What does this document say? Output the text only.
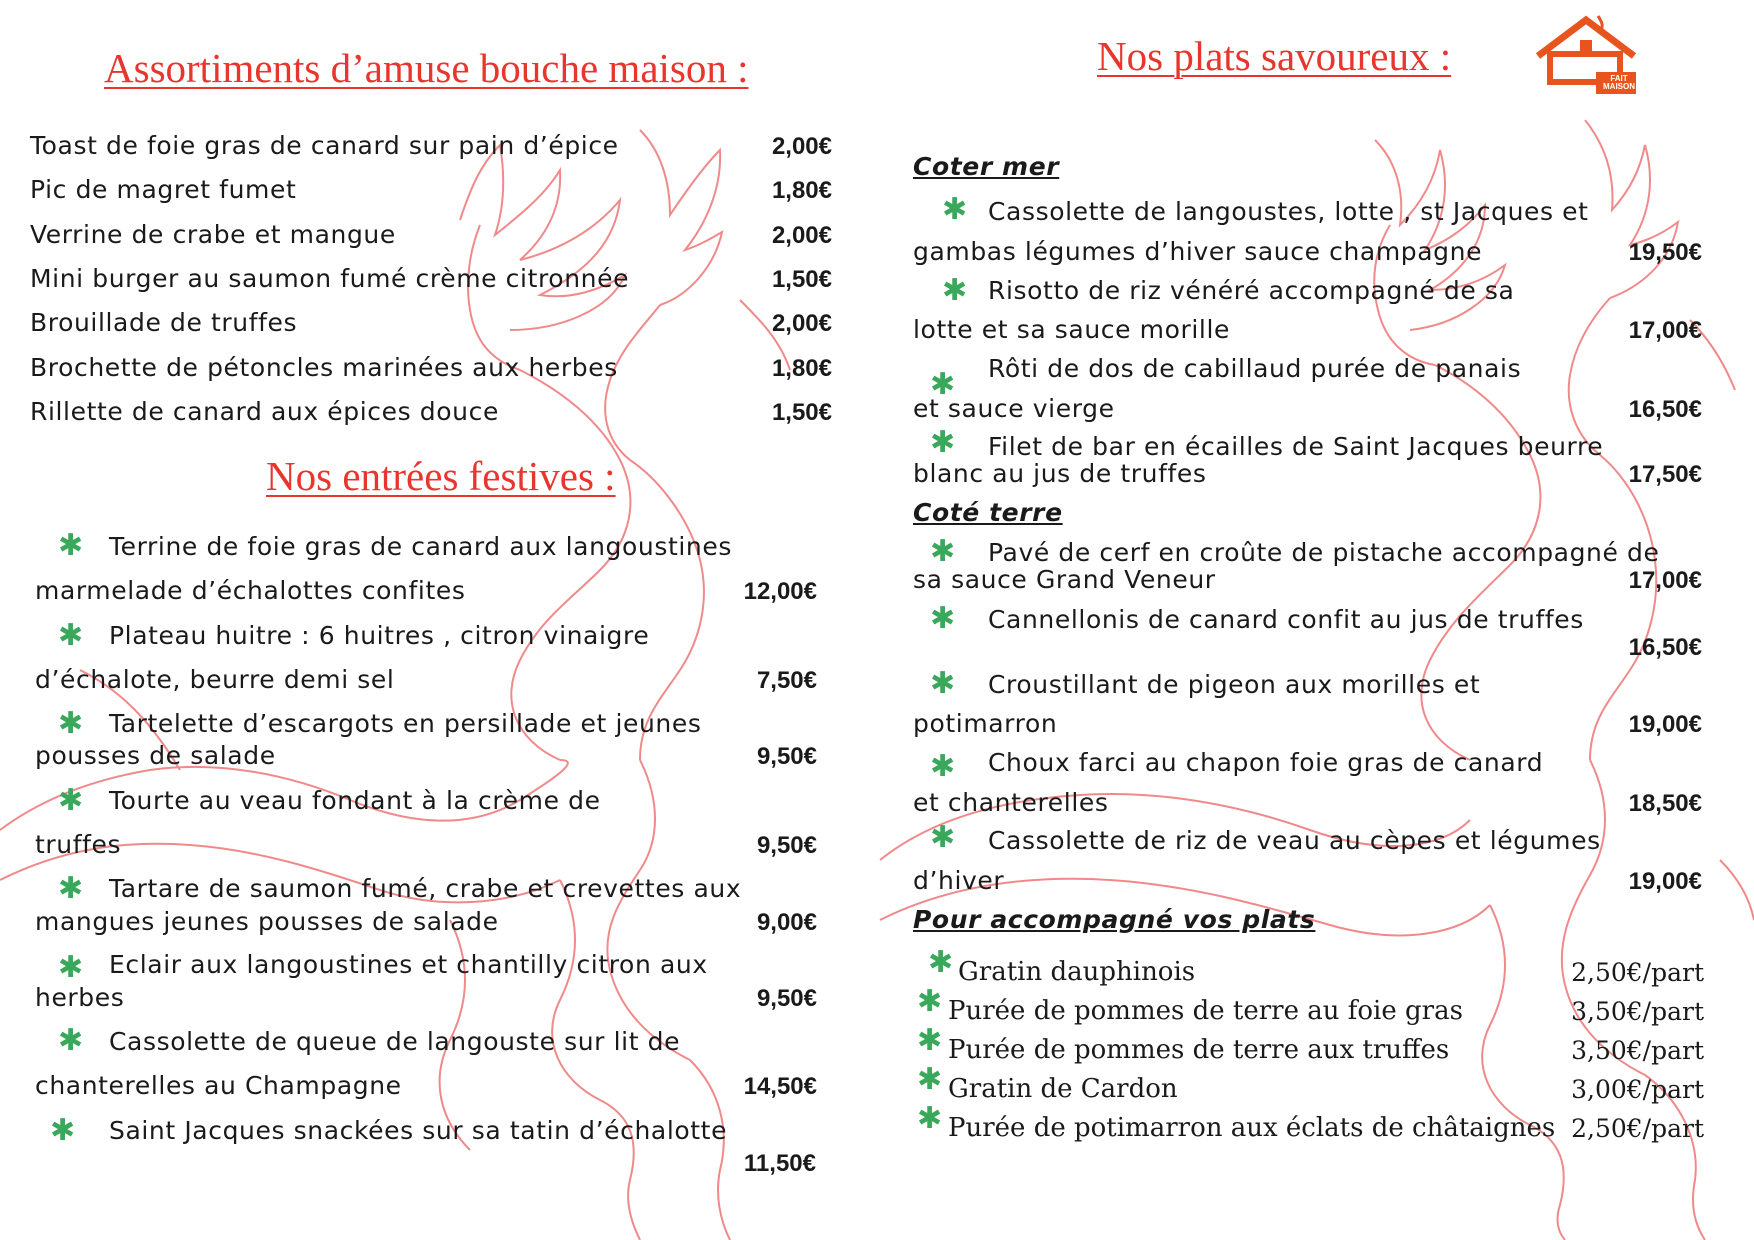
Assortiments d’amuse bouche maison :
Toast de foie gras de canard sur pain d’épice	2,00€
Pic de magret fumet	1,80€
Verrine de crabe et mangue	2,00€
Mini burger au saumon fumé crème citronnée	1,50€
Brouillade de truffes	2,00€
Brochette de pétoncles marinées aux herbes	1,80€
Rillette de canard aux épices douce	1,50€
Nos entrées festives :
✱ Terrine de foie gras de canard aux langoustines
marmelade d’échalottes confites	12,00€
✱ Plateau huitre : 6 huitres , citron vinaigre
d’échalote, beurre demi sel	7,50€
✱ Tartelette d’escargots en persillade et jeunes
pousses de salade	9,50€
✱ Tourte au veau fondant à la crème de
truffes	9,50€
✱ Tartare de saumon fumé, crabe et crevettes aux
mangues jeunes pousses de salade	9,00€
✱ Eclair aux langoustines et chantilly citron aux
herbes	9,50€
✱ Cassolette de queue de langouste sur lit de
chanterelles au Champagne	14,50€
✱ Saint Jacques snackées sur sa tatin d’échalotte
11,50€
Nos plats savoureux :	FAIT
MAISON
Coter mer
✱ Cassolette de langoustes, lotte , st Jacques et
gambas légumes d’hiver sauce champagne	19,50€
✱ Risotto de riz vénéré accompagné de sa
lotte et sa sauce morille	17,00€
✱ Rôti de dos de cabillaud purée de panais
et sauce vierge	16,50€
✱ Filet de bar en écailles de Saint Jacques beurre
blanc au jus de truffes	17,50€
Coté terre
✱ Pavé de cerf en croûte de pistache accompagné de
sa sauce Grand Veneur	17,00€
✱ Cannellonis de canard confit au jus de truffes
16,50€
✱ Croustillant de pigeon aux morilles et
potimarron	19,00€
✱ Choux farci au chapon foie gras de canard
et chanterelles	18,50€
✱ Cassolette de riz de veau au cèpes et légumes
d’hiver	19,00€
Pour accompagné vos plats
✱ Gratin dauphinois	2,50€/part
✱ Purée de pommes de terre au foie gras	3,50€/part
✱ Purée de pommes de terre aux truffes	3,50€/part
✱ Gratin de Cardon	3,00€/part
✱ Purée de potimarron aux éclats de châtaignes 2,50€/part
